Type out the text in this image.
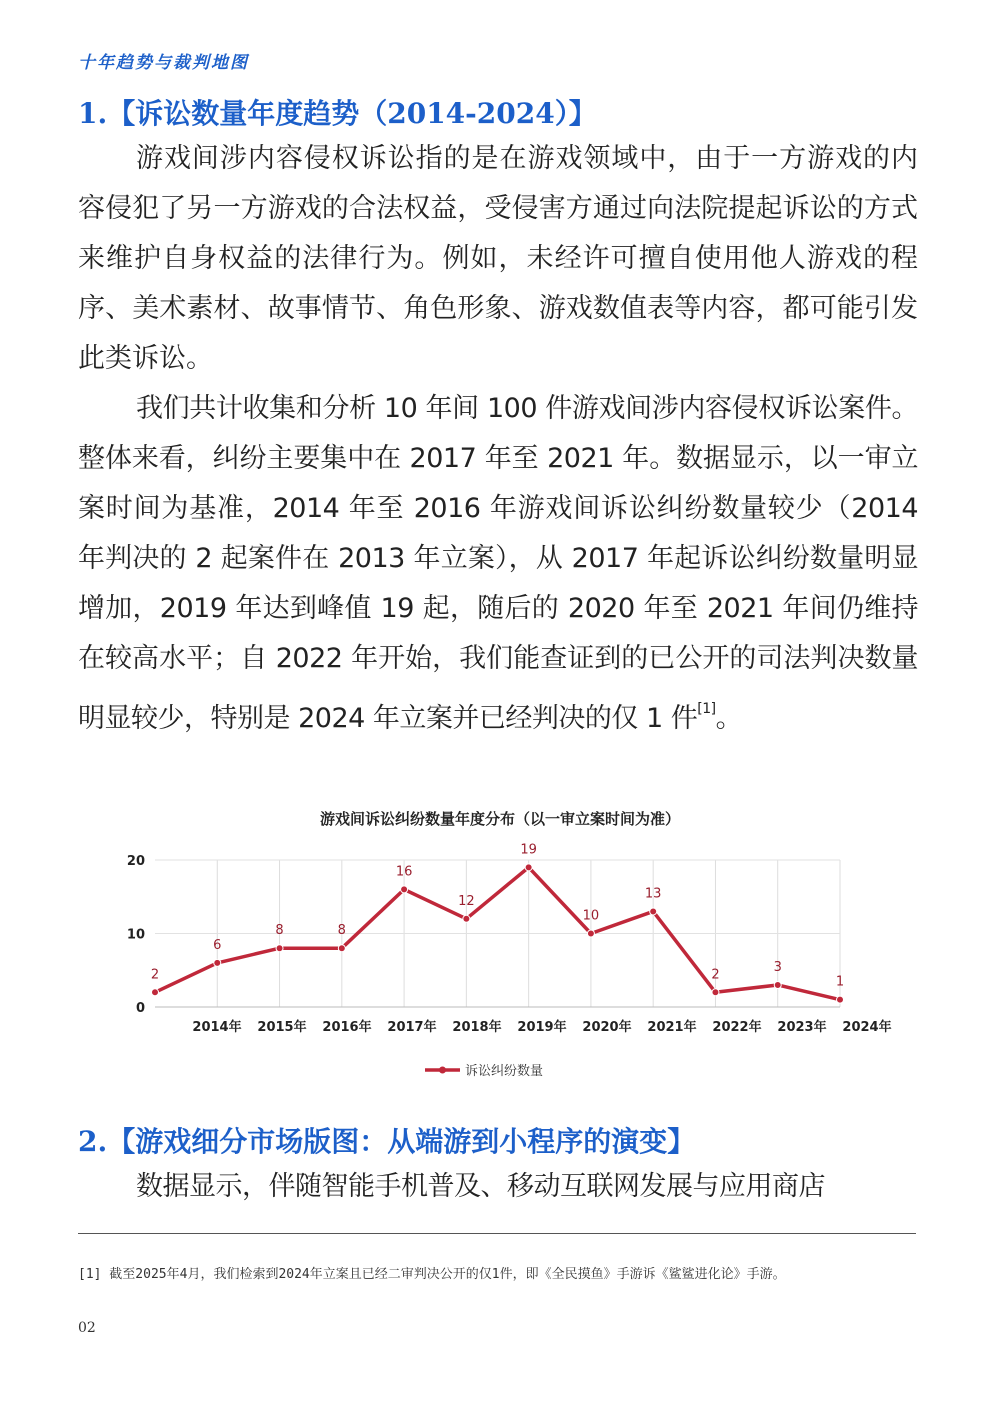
十年趋势与裁判地图
1.【诉讼数量年度趋势（2014-2024）】
游戏间涉内容侵权诉讼指的是在游戏领域中，由于一方游戏的内容侵犯了另一方游戏的合法权益，受侵害方通过向法院提起诉讼的方式来维护自身权益的法律行为。例如，未经许可擅自使用他人游戏的程序、美术素材、故事情节、角色形象、游戏数值表等内容，都可能引发此类诉讼。
我们共计收集和分析 10 年间 100 件游戏间涉内容侵权诉讼案件。整体来看，纠纷主要集中在 2017 年至 2021 年。数据显示，以一审立案时间为基准，2014 年至 2016 年游戏间诉讼纠纷数量较少（2014 年判决的 2 起案件在 2013 年立案），从 2017 年起诉讼纠纷数量明显增加，2019 年达到峰值 19 起，随后的 2020 年至 2021 年间仍维持在较高水平；自 2022 年开始，我们能查证到的已公开的司法判决数量明显较少，特别是 2024 年立案并已经判决的仅 1 件[1]。
游戏间诉讼纠纷数量年度分布（以一审立案时间为准）
0
10
20
2014年 2015年 2016年 2017年 2018年 2019年 2020年 2021年 2022年 2023年 2024年
2
6
8	8
16
12
19
10
13
2	3
1
诉讼纠纷数量
2.【游戏细分市场版图：从端游到小程序的演变】
数据显示，伴随智能手机普及、移动互联网发展与应用商店
[1] 截至2025年4月，我们检索到2024年立案且已经二审判决公开的仅1件，即《全民摸鱼》手游诉《鲨鲨进化论》手游。
02
